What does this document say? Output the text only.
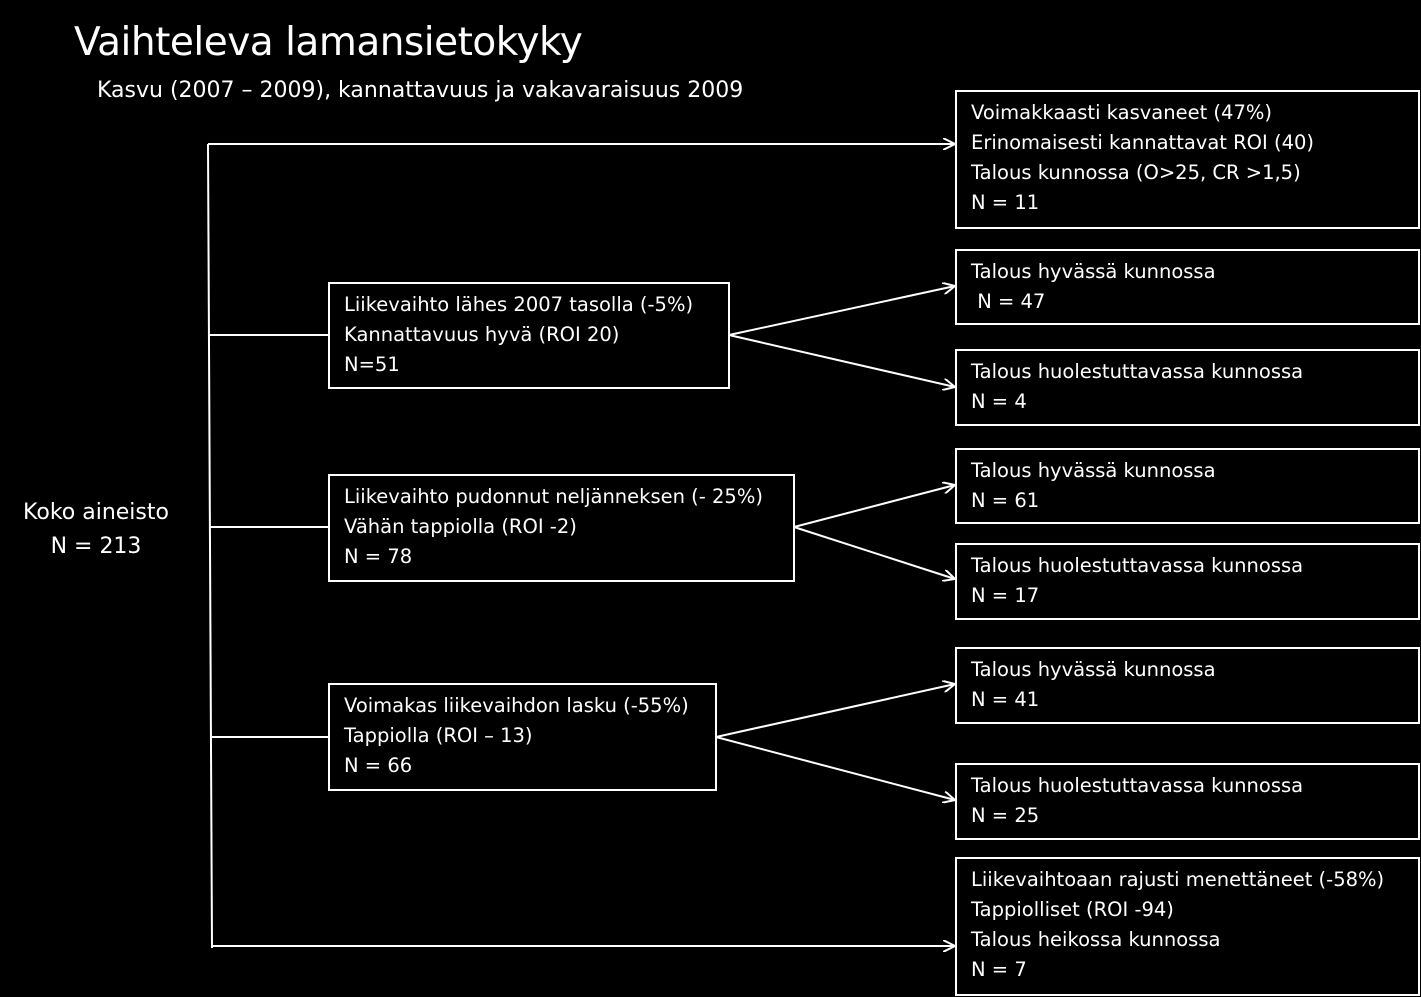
Vaihteleva lamansietokyky
Kasvu (2007 – 2009), kannattavuus ja vakavaraisuus 2009
Koko aineisto
N = 213
Liikevaihto lähes 2007 tasolla (-5%)
Kannattavuus hyvä (ROI 20)
N=51
Liikevaihto pudonnut neljänneksen (- 25%)
Vähän tappiolla (ROI -2)
N = 78
Voimakas liikevaihdon lasku (-55%)
Tappiolla (ROI – 13)
N = 66
Voimakkaasti kasvaneet (47%)
Erinomaisesti kannattavat ROI (40)
Talous kunnossa (O>25, CR >1,5)
N = 11
Talous hyvässä kunnossa
N = 47
Talous huolestuttavassa kunnossa
N = 4
Talous hyvässä kunnossa
N = 61
Talous huolestuttavassa kunnossa
N = 17
Talous hyvässä kunnossa
N = 41
Talous huolestuttavassa kunnossa
N = 25
Liikevaihtoaan rajusti menettäneet (-58%)
Tappiolliset (ROI -94)
Talous heikossa kunnossa
N = 7
